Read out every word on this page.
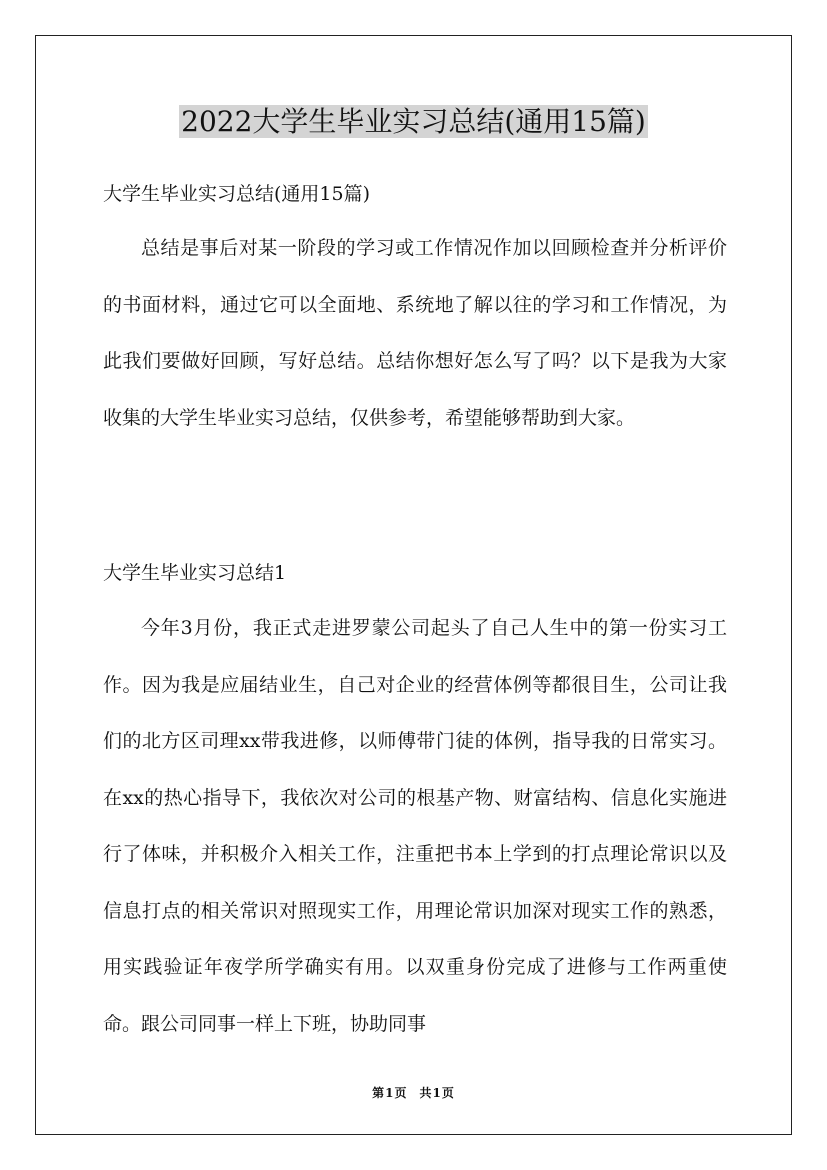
2022大学生毕业实习总结(通用15篇)
大学生毕业实习总结(通用15篇)

总结是事后对某一阶段的学习或工作情况作加以回顾检查并分析评价的书面材料，通过它可以全面地、系统地了解以往的学习和工作情况，为此我们要做好回顾，写好总结。总结你想好怎么写了吗？以下是我为大家收集的大学生毕业实习总结，仅供参考，希望能够帮助到大家。

大学生毕业实习总结1

今年3月份，我正式走进罗蒙公司起头了自己人生中的第一份实习工作。因为我是应届结业生，自己对企业的经营体例等都很目生，公司让我们的北方区司理xx带我进修，以师傅带门徒的体例，指导我的日常实习。在xx的热心指导下，我依次对公司的根基产物、财富结构、信息化实施进行了体味，并积极介入相关工作，注重把书本上学到的打点理论常识以及信息打点的相关常识对照现实工作，用理论常识加深对现实工作的熟悉，用实践验证年夜学所学确实有用。以双重身份完成了进修与工作两重使命。跟公司同事一样上下班，协助同事

第1页 共1页
